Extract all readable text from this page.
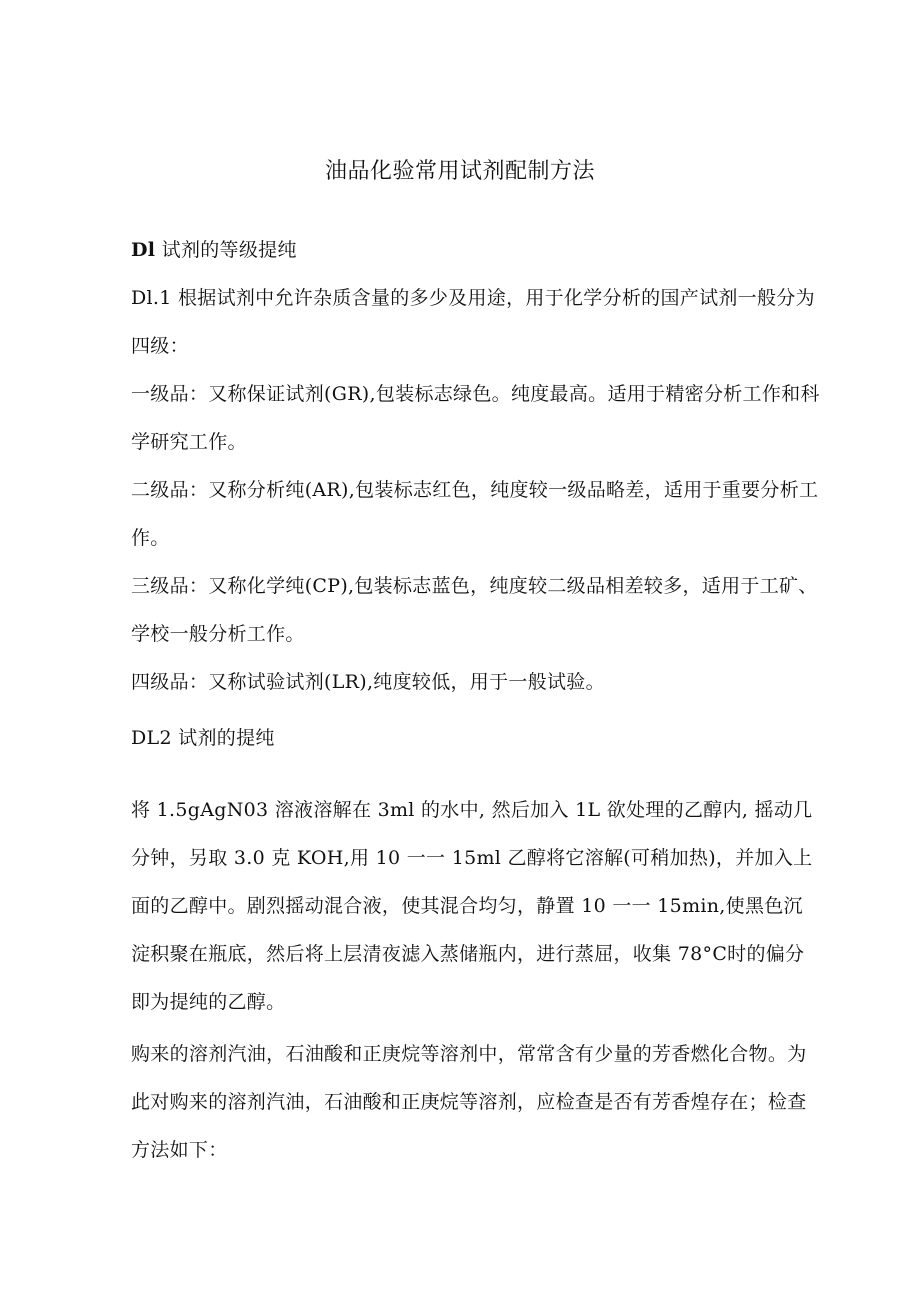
油品化验常用试剂配制方法

Dl 试剂的等级提纯

Dl.1 根据试剂中允许杂质含量的多少及用途，用于化学分析的国产试剂一般分为四级：

一级品：又称保证试剂(GR),包装标志绿色。纯度最高。适用于精密分析工作和科学研究工作。

二级品：又称分析纯(AR),包装标志红色，纯度较一级品略差，适用于重要分析工作。

三级品：又称化学纯(CP),包装标志蓝色，纯度较二级品相差较多，适用于工矿、学校一般分析工作。

四级品：又称试验试剂(LR),纯度较低，用于一般试验。

DL2 试剂的提纯

将 1.5gAgN03 溶液溶解在 3ml 的水中, 然后加入 1L 欲处理的乙醇内, 摇动几分钟，另取 3.0 克 KOH,用 10 一一 15ml 乙醇将它溶解(可稍加热)，并加入上面的乙醇中。剧烈摇动混合液，使其混合均匀，静置 10 一一 15min,使黑色沉淀积聚在瓶底，然后将上层清夜滤入蒸储瓶内，进行蒸屈，收集 78°C时的偏分即为提纯的乙醇。

购来的溶剂汽油，石油酸和正庚烷等溶剂中，常常含有少量的芳香燃化合物。为此对购来的溶剂汽油，石油酸和正庚烷等溶剂，应检查是否有芳香煌存在；检查方法如下：
